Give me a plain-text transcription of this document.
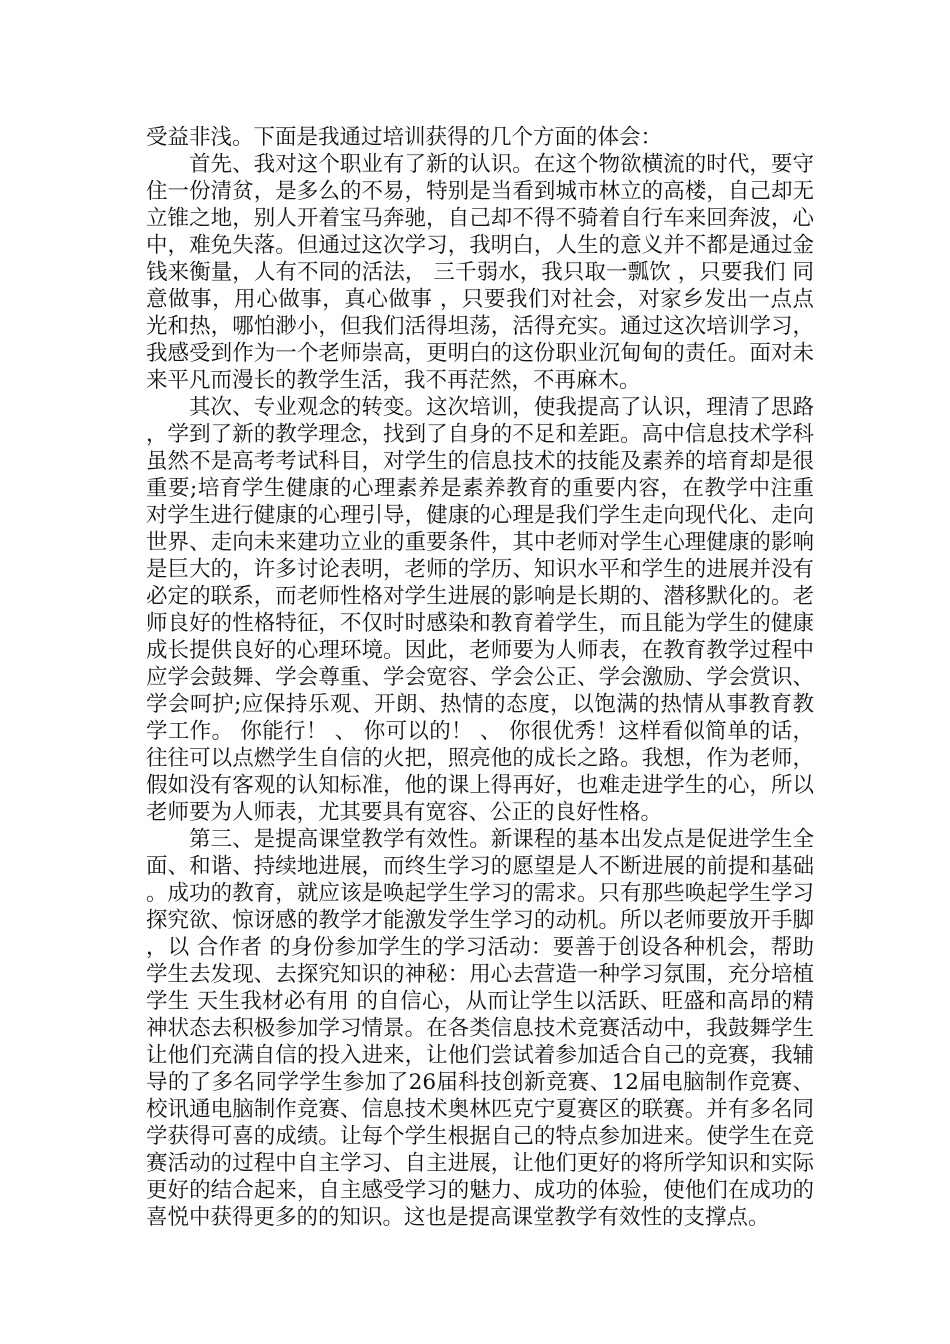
受益非浅。下面是我通过培训获得的几个方面的体会：

首先、我对这个职业有了新的认识。在这个物欲横流的时代，要守住一份清贫，是多么的不易，特别是当看到城市林立的高楼，自己却无立锥之地，别人开着宝马奔驰，自己却不得不骑着自行车来回奔波，心中，难免失落。但通过这次学习，我明白，人生的意义并不都是通过金钱来衡量，人有不同的活法， 三千弱水，我只取一瓢饮 ，只要我们 同意做事，用心做事，真心做事 ，只要我们对社会，对家乡发出一点点光和热，哪怕渺小，但我们活得坦荡，活得充实。通过这次培训学习，我感受到作为一个老师崇高，更明白的这份职业沉甸甸的责任。面对未来平凡而漫长的教学生活，我不再茫然，不再麻木。

其次、专业观念的转变。这次培训，使我提高了认识，理清了思路，学到了新的教学理念，找到了自身的不足和差距。高中信息技术学科虽然不是高考考试科目，对学生的信息技术的技能及素养的培育却是很重要;培育学生健康的心理素养是素养教育的重要内容，在教学中注重对学生进行健康的心理引导，健康的心理是我们学生走向现代化、走向世界、走向未来建功立业的重要条件，其中老师对学生心理健康的影响是巨大的，许多讨论表明，老师的学历、知识水平和学生的进展并没有必定的联系，而老师性格对学生进展的影响是长期的、潜移默化的。老师良好的性格特征，不仅时时感染和教育着学生，而且能为学生的健康成长提供良好的心理环境。因此，老师要为人师表，在教育教学过程中应学会鼓舞、学会尊重、学会宽容、学会公正、学会激励、学会赏识、学会呵护;应保持乐观、开朗、热情的态度，以饱满的热情从事教育教学工作。 你能行！ 、 你可以的！ 、 你很优秀！这样看似简单的话，往往可以点燃学生自信的火把，照亮他的成长之路。我想，作为老师，假如没有客观的认知标准，他的课上得再好，也难走进学生的心，所以老师要为人师表，尤其要具有宽容、公正的良好性格。

第三、是提高课堂教学有效性。新课程的基本出发点是促进学生全面、和谐、持续地进展，而终生学习的愿望是人不断进展的前提和基础。成功的教育，就应该是唤起学生学习的需求。只有那些唤起学生学习探究欲、惊讶感的教学才能激发学生学习的动机。所以老师要放开手脚，以 合作者 的身份参加学生的学习活动：要善于创设各种机会，帮助学生去发现、去探究知识的神秘：用心去营造一种学习氛围，充分培植学生 天生我材必有用 的自信心，从而让学生以活跃、旺盛和高昂的精神状态去积极参加学习情景。在各类信息技术竞赛活动中，我鼓舞学生让他们充满自信的投入进来，让他们尝试着参加适合自己的竞赛，我辅导的了多名同学学生参加了26届科技创新竞赛、12届电脑制作竞赛、校讯通电脑制作竞赛、信息技术奥林匹克宁夏赛区的联赛。并有多名同学获得可喜的成绩。让每个学生根据自己的特点参加进来。使学生在竞赛活动的过程中自主学习、自主进展，让他们更好的将所学知识和实际更好的结合起来，自主感受学习的魅力、成功的体验，使他们在成功的喜悦中获得更多的的知识。这也是提高课堂教学有效性的支撑点。
